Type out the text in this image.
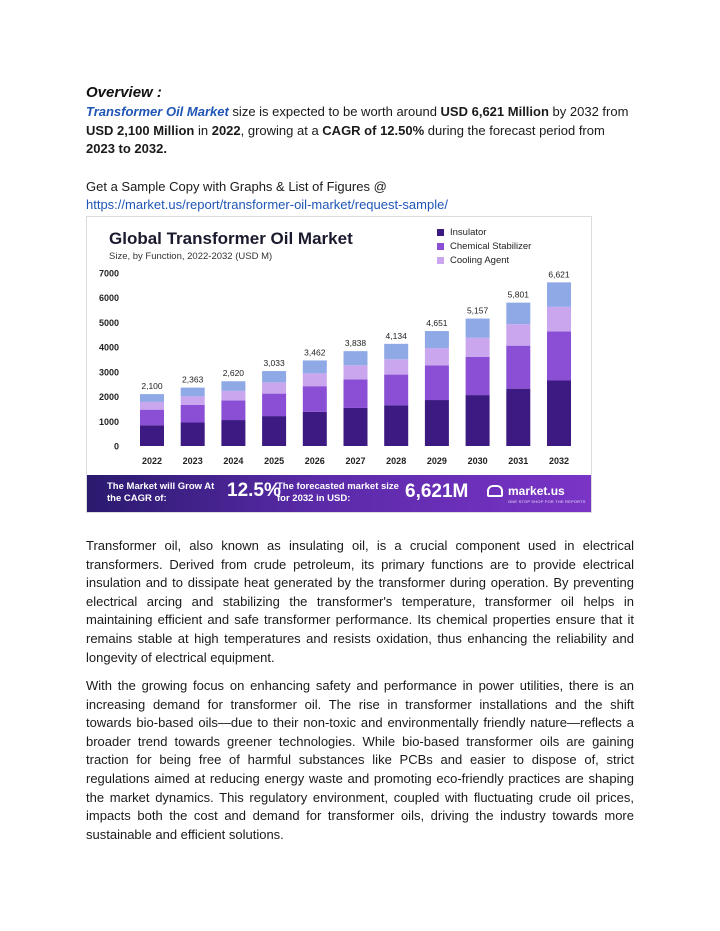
Overview :

Transformer Oil Market size is expected to be worth around USD 6,621 Million by 2032 from USD 2,100 Million in 2022, growing at a CAGR of 12.50% during the forecast period from 2023 to 2032.

Get a Sample Copy with Graphs & List of Figures @
https://market.us/report/transformer-oil-market/request-sample/
Global Transformer Oil Market
Size, by Function, 2022-2032 (USD M)
Insulator
Chemical Stabilizer
Cooling Agent
7000
6000
5000
4000
3000
2000
1000
0
2,100
2022
2,363
2023
2,620
2024
3,033
2025
3,462
2026
3,838
2027
4,134
2028
4,651
2029
5,157
2030
5,801
2031
6,621
2032
The Market will Grow At the CAGR of:	12.5%
The forecasted market size for 2032 in USD:	6,621M	market.us
ONE STOP SHOP FOR THE REPORTS

Transformer oil, also known as insulating oil, is a crucial component used in electrical transformers. Derived from crude petroleum, its primary functions are to provide electrical insulation and to dissipate heat generated by the transformer during operation. By preventing electrical arcing and stabilizing the transformer's temperature, transformer oil helps in maintaining efficient and safe transformer performance. Its chemical properties ensure that it remains stable at high temperatures and resists oxidation, thus enhancing the reliability and longevity of electrical equipment.

With the growing focus on enhancing safety and performance in power utilities, there is an increasing demand for transformer oil. The rise in transformer installations and the shift towards bio-based oils—due to their non-toxic and environmentally friendly nature—reflects a broader trend towards greener technologies. While bio-based transformer oils are gaining traction for being free of harmful substances like PCBs and easier to dispose of, strict regulations aimed at reducing energy waste and promoting eco-friendly practices are shaping the market dynamics. This regulatory environment, coupled with fluctuating crude oil prices, impacts both the cost and demand for transformer oils, driving the industry towards more sustainable and efficient solutions.
